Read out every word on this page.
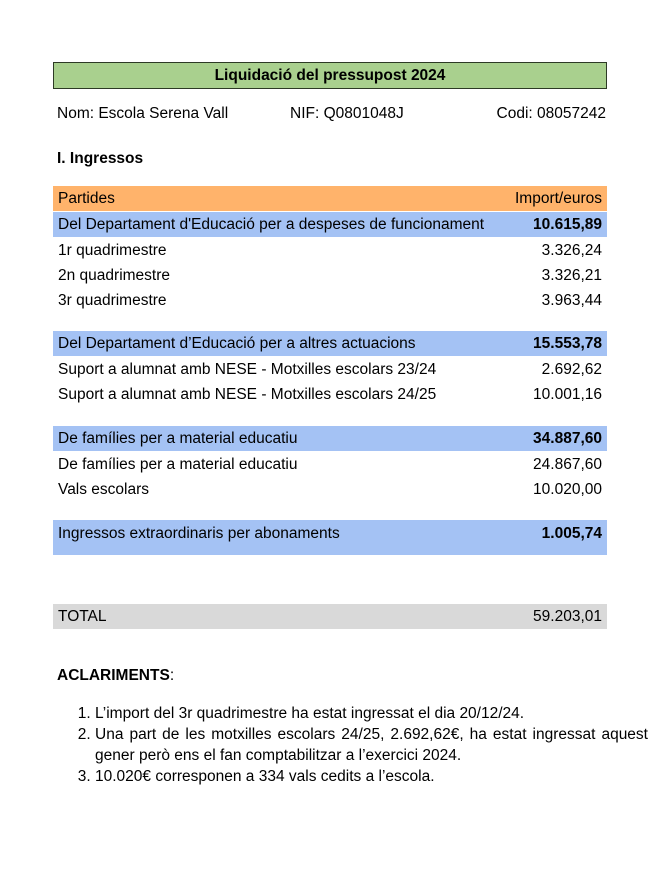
Liquidació del pressupost 2024
Nom: Escola Serena Vall	NIF: Q0801048J	Codi: 08057242
I. Ingressos
Partides	Import/euros
Del Departament d'Educació per a despeses de funcionament	10.615,89
1r quadrimestre	3.326,24
2n quadrimestre	3.326,21
3r quadrimestre	3.963,44
Del Departament d’Educació per a altres actuacions	15.553,78
Suport a alumnat amb NESE - Motxilles escolars 23/24	2.692,62
Suport a alumnat amb NESE - Motxilles escolars 24/25	10.001,16
De famílies per a material educatiu	34.887,60
De famílies per a material educatiu	24.867,60
Vals escolars	10.020,00
Ingressos extraordinaris per abonaments	1.005,74
TOTAL	59.203,01
ACLARIMENTS:
1. L’import del 3r quadrimestre ha estat ingressat el dia 20/12/24.
2. Una part de les motxilles escolars 24/25, 2.692,62€, ha estat ingressat aquest gener però ens el fan comptabilitzar a l’exercici 2024.
3. 10.020€ corresponen a 334 vals cedits a l’escola.
